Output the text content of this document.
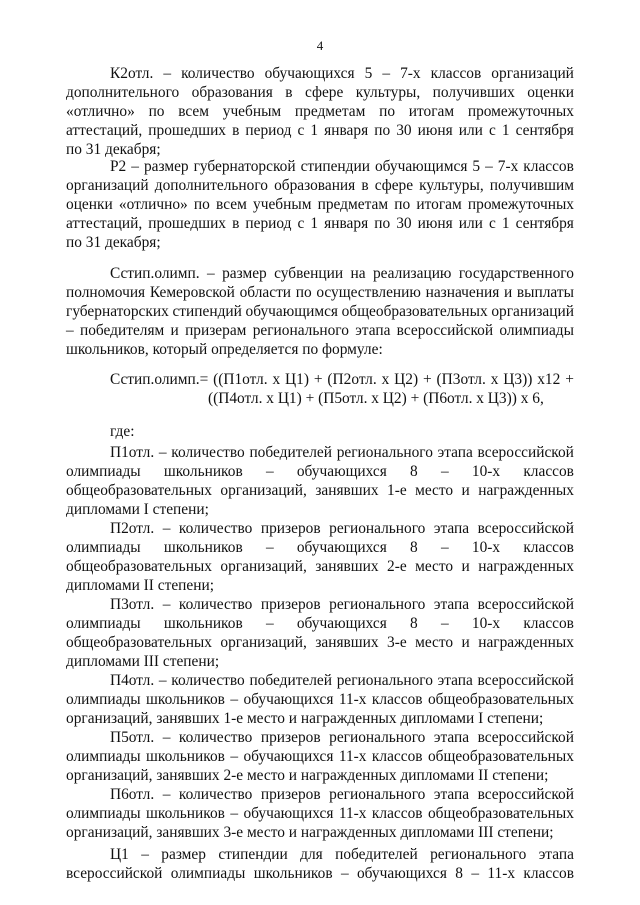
4
К2отл. – количество обучающихся 5 – 7-х классов организаций
дополнительного образования в сфере культуры, получивших оценки
«отлично» по всем учебным предметам по итогам промежуточных
аттестаций, прошедших в период с 1 января по 30 июня или с 1 сентября
по 31 декабря;
Р2 – размер губернаторской стипендии обучающимся 5 – 7-х классов
организаций дополнительного образования в сфере культуры, получившим
оценки «отлично» по всем учебным предметам по итогам промежуточных
аттестаций, прошедших в период с 1 января по 30 июня или с 1 сентября
по 31 декабря;
Сстип.олимп. – размер субвенции на реализацию государственного
полномочия Кемеровской области по осуществлению назначения и выплаты
губернаторских стипендий обучающимся общеобразовательных организаций
– победителям и призерам регионального этапа всероссийской олимпиады
школьников, который определяется по формуле:
Сстип.олимп.= ((П1отл. х Ц1) + (П2отл. х Ц2) + (П3отл. х Ц3)) х12 +
((П4отл. х Ц1) + (П5отл. х Ц2) + (П6отл. х Ц3)) х 6,
где:
П1отл. – количество победителей регионального этапа всероссийской
олимпиады школьников – обучающихся 8 – 10-х классов
общеобразовательных организаций, занявших 1-е место и награжденных
дипломами I степени;
П2отл. – количество призеров регионального этапа всероссийской
олимпиады школьников – обучающихся 8 – 10-х классов
общеобразовательных организаций, занявших 2-е место и награжденных
дипломами II степени;
П3отл. – количество призеров регионального этапа всероссийской
олимпиады школьников – обучающихся 8 – 10-х классов
общеобразовательных организаций, занявших 3-е место и награжденных
дипломами III степени;
П4отл. – количество победителей регионального этапа всероссийской
олимпиады школьников – обучающихся 11-х классов общеобразовательных
организаций, занявших 1-е место и награжденных дипломами I степени;
П5отл. – количество призеров регионального этапа всероссийской
олимпиады школьников – обучающихся 11-х классов общеобразовательных
организаций, занявших 2-е место и награжденных дипломами II степени;
П6отл. – количество призеров регионального этапа всероссийской
олимпиады школьников – обучающихся 11-х классов общеобразовательных
организаций, занявших 3-е место и награжденных дипломами III степени;
Ц1 – размер стипендии для победителей регионального этапа
всероссийской олимпиады школьников – обучающихся 8 – 11-х классов
